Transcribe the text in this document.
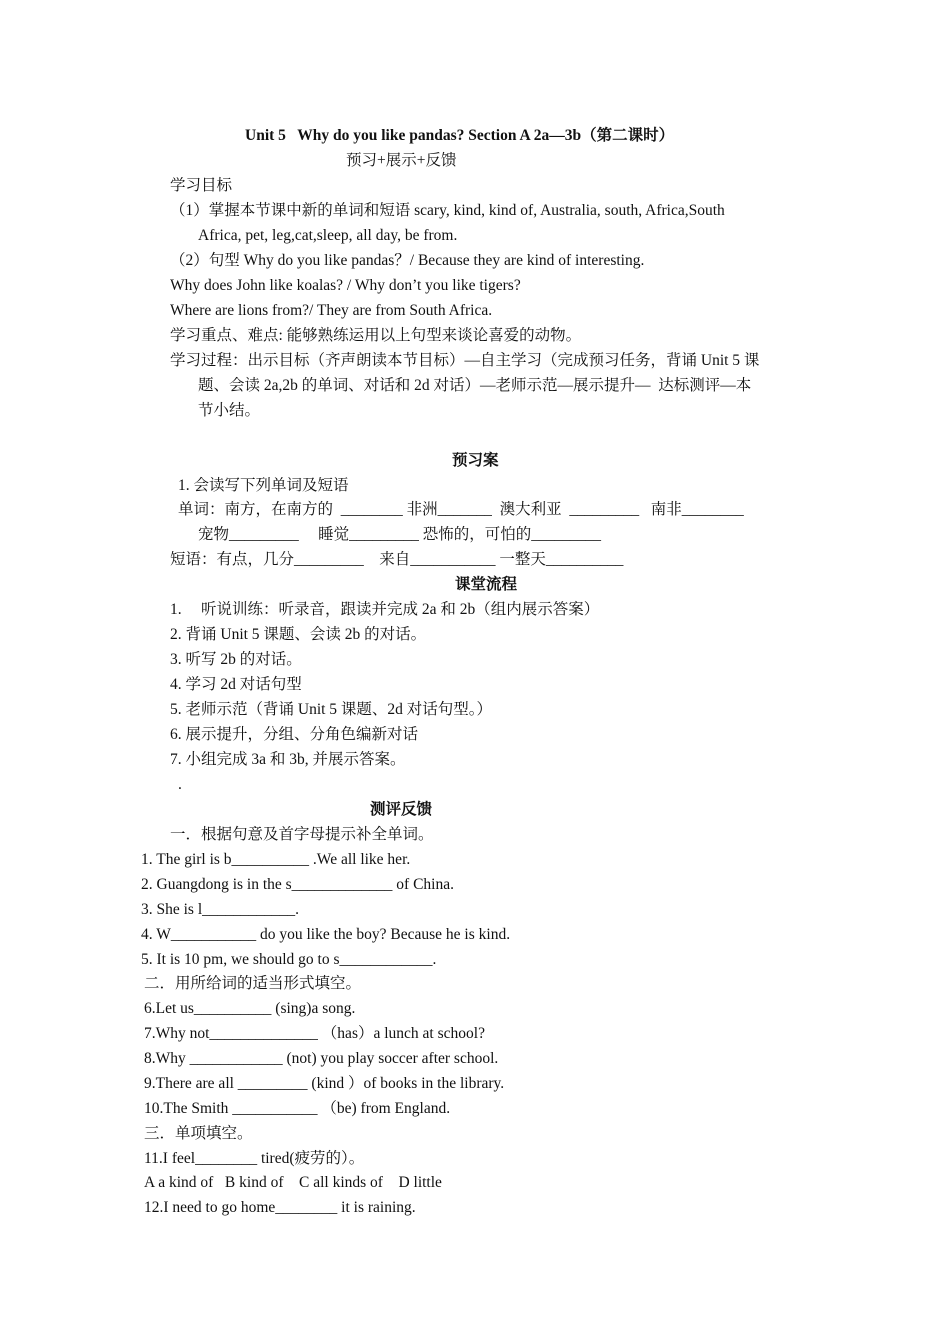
Unit 5   Why do you like pandas? Section A 2a—3b（第二课时）
预习+展示+反馈
学习目标
（1）掌握本节课中新的单词和短语 scary, kind, kind of, Australia, south, Africa,South
Africa, pet, leg,cat,sleep, all day, be from.
（2）句型 Why do you like pandas？/ Because they are kind of interesting.
Why does John like koalas? / Why don’t you like tigers?
Where are lions from?/ They are from South Africa.
学习重点、难点: 能够熟练运用以上句型来谈论喜爱的动物。
学习过程：出示目标（齐声朗读本节目标）—自主学习（完成预习任务，背诵 Unit 5 课
题、会读 2a,2b 的单词、对话和 2d 对话）—老师示范—展示提升—  达标测评—本
节小结。
预习案
1. 会读写下列单词及短语
单词：南方，在南方的  ________ 非洲_______  澳大利亚  _________   南非________
宠物_________     睡觉_________ 恐怖的，可怕的_________
短语：有点，几分_________    来自___________ 一整天__________
课堂流程
1.     听说训练：听录音，跟读并完成 2a 和 2b（组内展示答案）
2. 背诵 Unit 5 课题、会读 2b 的对话。
3. 听写 2b 的对话。
4. 学习 2d 对话句型
5. 老师示范（背诵 Unit 5 课题、2d 对话句型。）
6. 展示提升，分组、分角色编新对话
7. 小组完成 3a 和 3b, 并展示答案。
.
测评反馈
一．根据句意及首字母提示补全单词。
1. The girl is b__________ .We all like her.
2. Guangdong is in the s_____________ of China.
3. She is l____________.
4. W___________ do you like the boy? Because he is kind.
5. It is 10 pm, we should go to s____________.
二．用所给词的适当形式填空。
6.Let us__________ (sing)a song.
7.Why not______________ （has）a lunch at school?
8.Why ____________ (not) you play soccer after school.
9.There are all _________ (kind ）of books in the library.
10.The Smith ___________ （be) from England.
三．单项填空。
11.I feel________ tired(疲劳的）。
A a kind of   B kind of    C all kinds of    D little
12.I need to go home________ it is raining.
